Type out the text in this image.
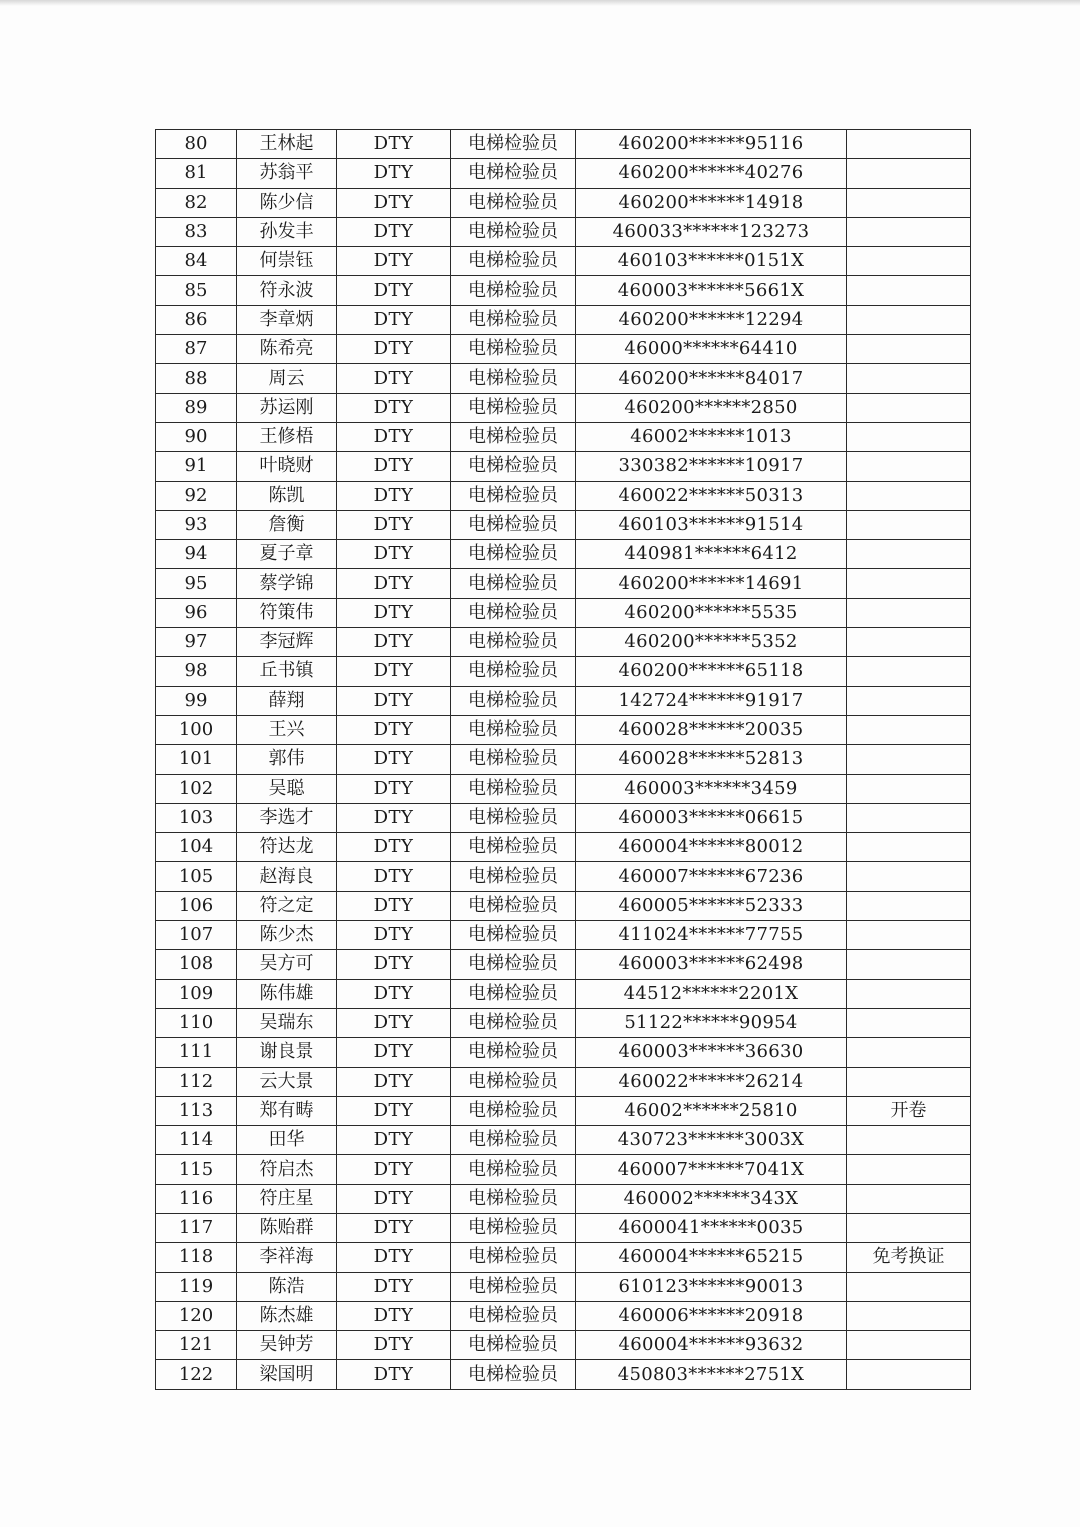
80	王林起	DTY	电梯检验员	460200******95116	
81	苏翁平	DTY	电梯检验员	460200******40276	
82	陈少信	DTY	电梯检验员	460200******14918	
83	孙发丰	DTY	电梯检验员	460033******123273	
84	何崇钰	DTY	电梯检验员	460103******0151X	
85	符永波	DTY	电梯检验员	460003******5661X	
86	李章炳	DTY	电梯检验员	460200******12294	
87	陈希亮	DTY	电梯检验员	46000******64410	
88	周云	DTY	电梯检验员	460200******84017	
89	苏运刚	DTY	电梯检验员	460200******2850	
90	王修梧	DTY	电梯检验员	46002******1013	
91	叶晓财	DTY	电梯检验员	330382******10917	
92	陈凯	DTY	电梯检验员	460022******50313	
93	詹衡	DTY	电梯检验员	460103******91514	
94	夏子章	DTY	电梯检验员	440981******6412	
95	蔡学锦	DTY	电梯检验员	460200******14691	
96	符策伟	DTY	电梯检验员	460200******5535	
97	李冠辉	DTY	电梯检验员	460200******5352	
98	丘书镇	DTY	电梯检验员	460200******65118	
99	薛翔	DTY	电梯检验员	142724******91917	
100	王兴	DTY	电梯检验员	460028******20035	
101	郭伟	DTY	电梯检验员	460028******52813	
102	吴聪	DTY	电梯检验员	460003******3459	
103	李选才	DTY	电梯检验员	460003******06615	
104	符达龙	DTY	电梯检验员	460004******80012	
105	赵海良	DTY	电梯检验员	460007******67236	
106	符之定	DTY	电梯检验员	460005******52333	
107	陈少杰	DTY	电梯检验员	411024******77755	
108	吴方可	DTY	电梯检验员	460003******62498	
109	陈伟雄	DTY	电梯检验员	44512******2201X	
110	吴瑞东	DTY	电梯检验员	51122******90954	
111	谢良景	DTY	电梯检验员	460003******36630	
112	云大景	DTY	电梯检验员	460022******26214	
113	郑有畴	DTY	电梯检验员	46002******25810	开卷
114	田华	DTY	电梯检验员	430723******3003X	
115	符启杰	DTY	电梯检验员	460007******7041X	
116	符庄星	DTY	电梯检验员	460002******343X	
117	陈贻群	DTY	电梯检验员	4600041******0035	
118	李祥海	DTY	电梯检验员	460004******65215	免考换证
119	陈浩	DTY	电梯检验员	610123******90013	
120	陈杰雄	DTY	电梯检验员	460006******20918	
121	吴钟芳	DTY	电梯检验员	460004******93632	
122	梁国明	DTY	电梯检验员	450803******2751X	
